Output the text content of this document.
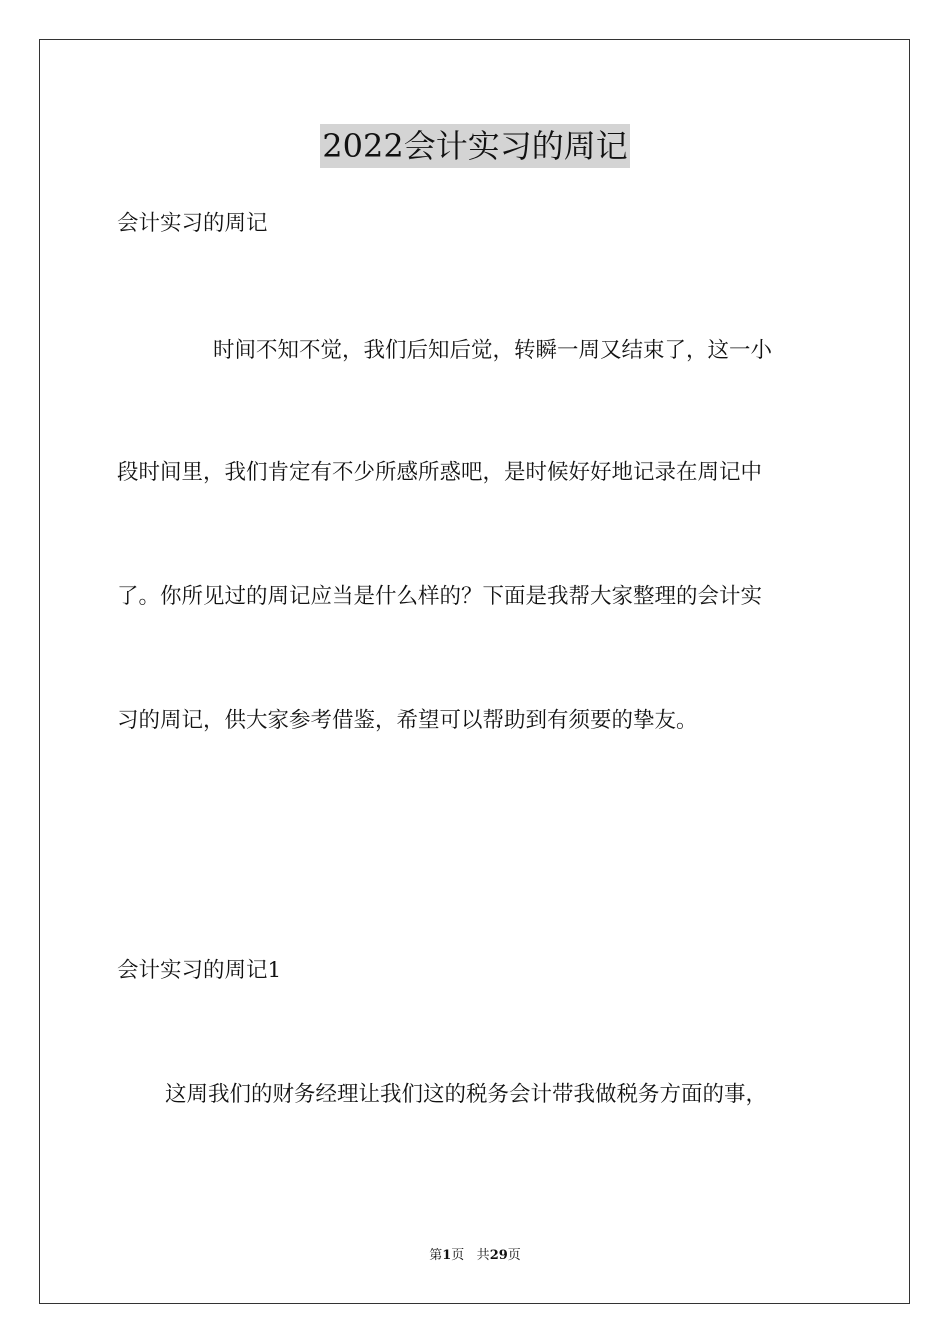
2022会计实习的周记
会计实习的周记
时间不知不觉，我们后知后觉，转瞬一周又结束了，这一小
段时间里，我们肯定有不少所感所惑吧，是时候好好地记录在周记中
了。你所见过的周记应当是什么样的？下面是我帮大家整理的会计实
习的周记，供大家参考借鉴，希望可以帮助到有须要的挚友。
会计实习的周记1
这周我们的财务经理让我们这的税务会计带我做税务方面的事，
第1页 共29页
